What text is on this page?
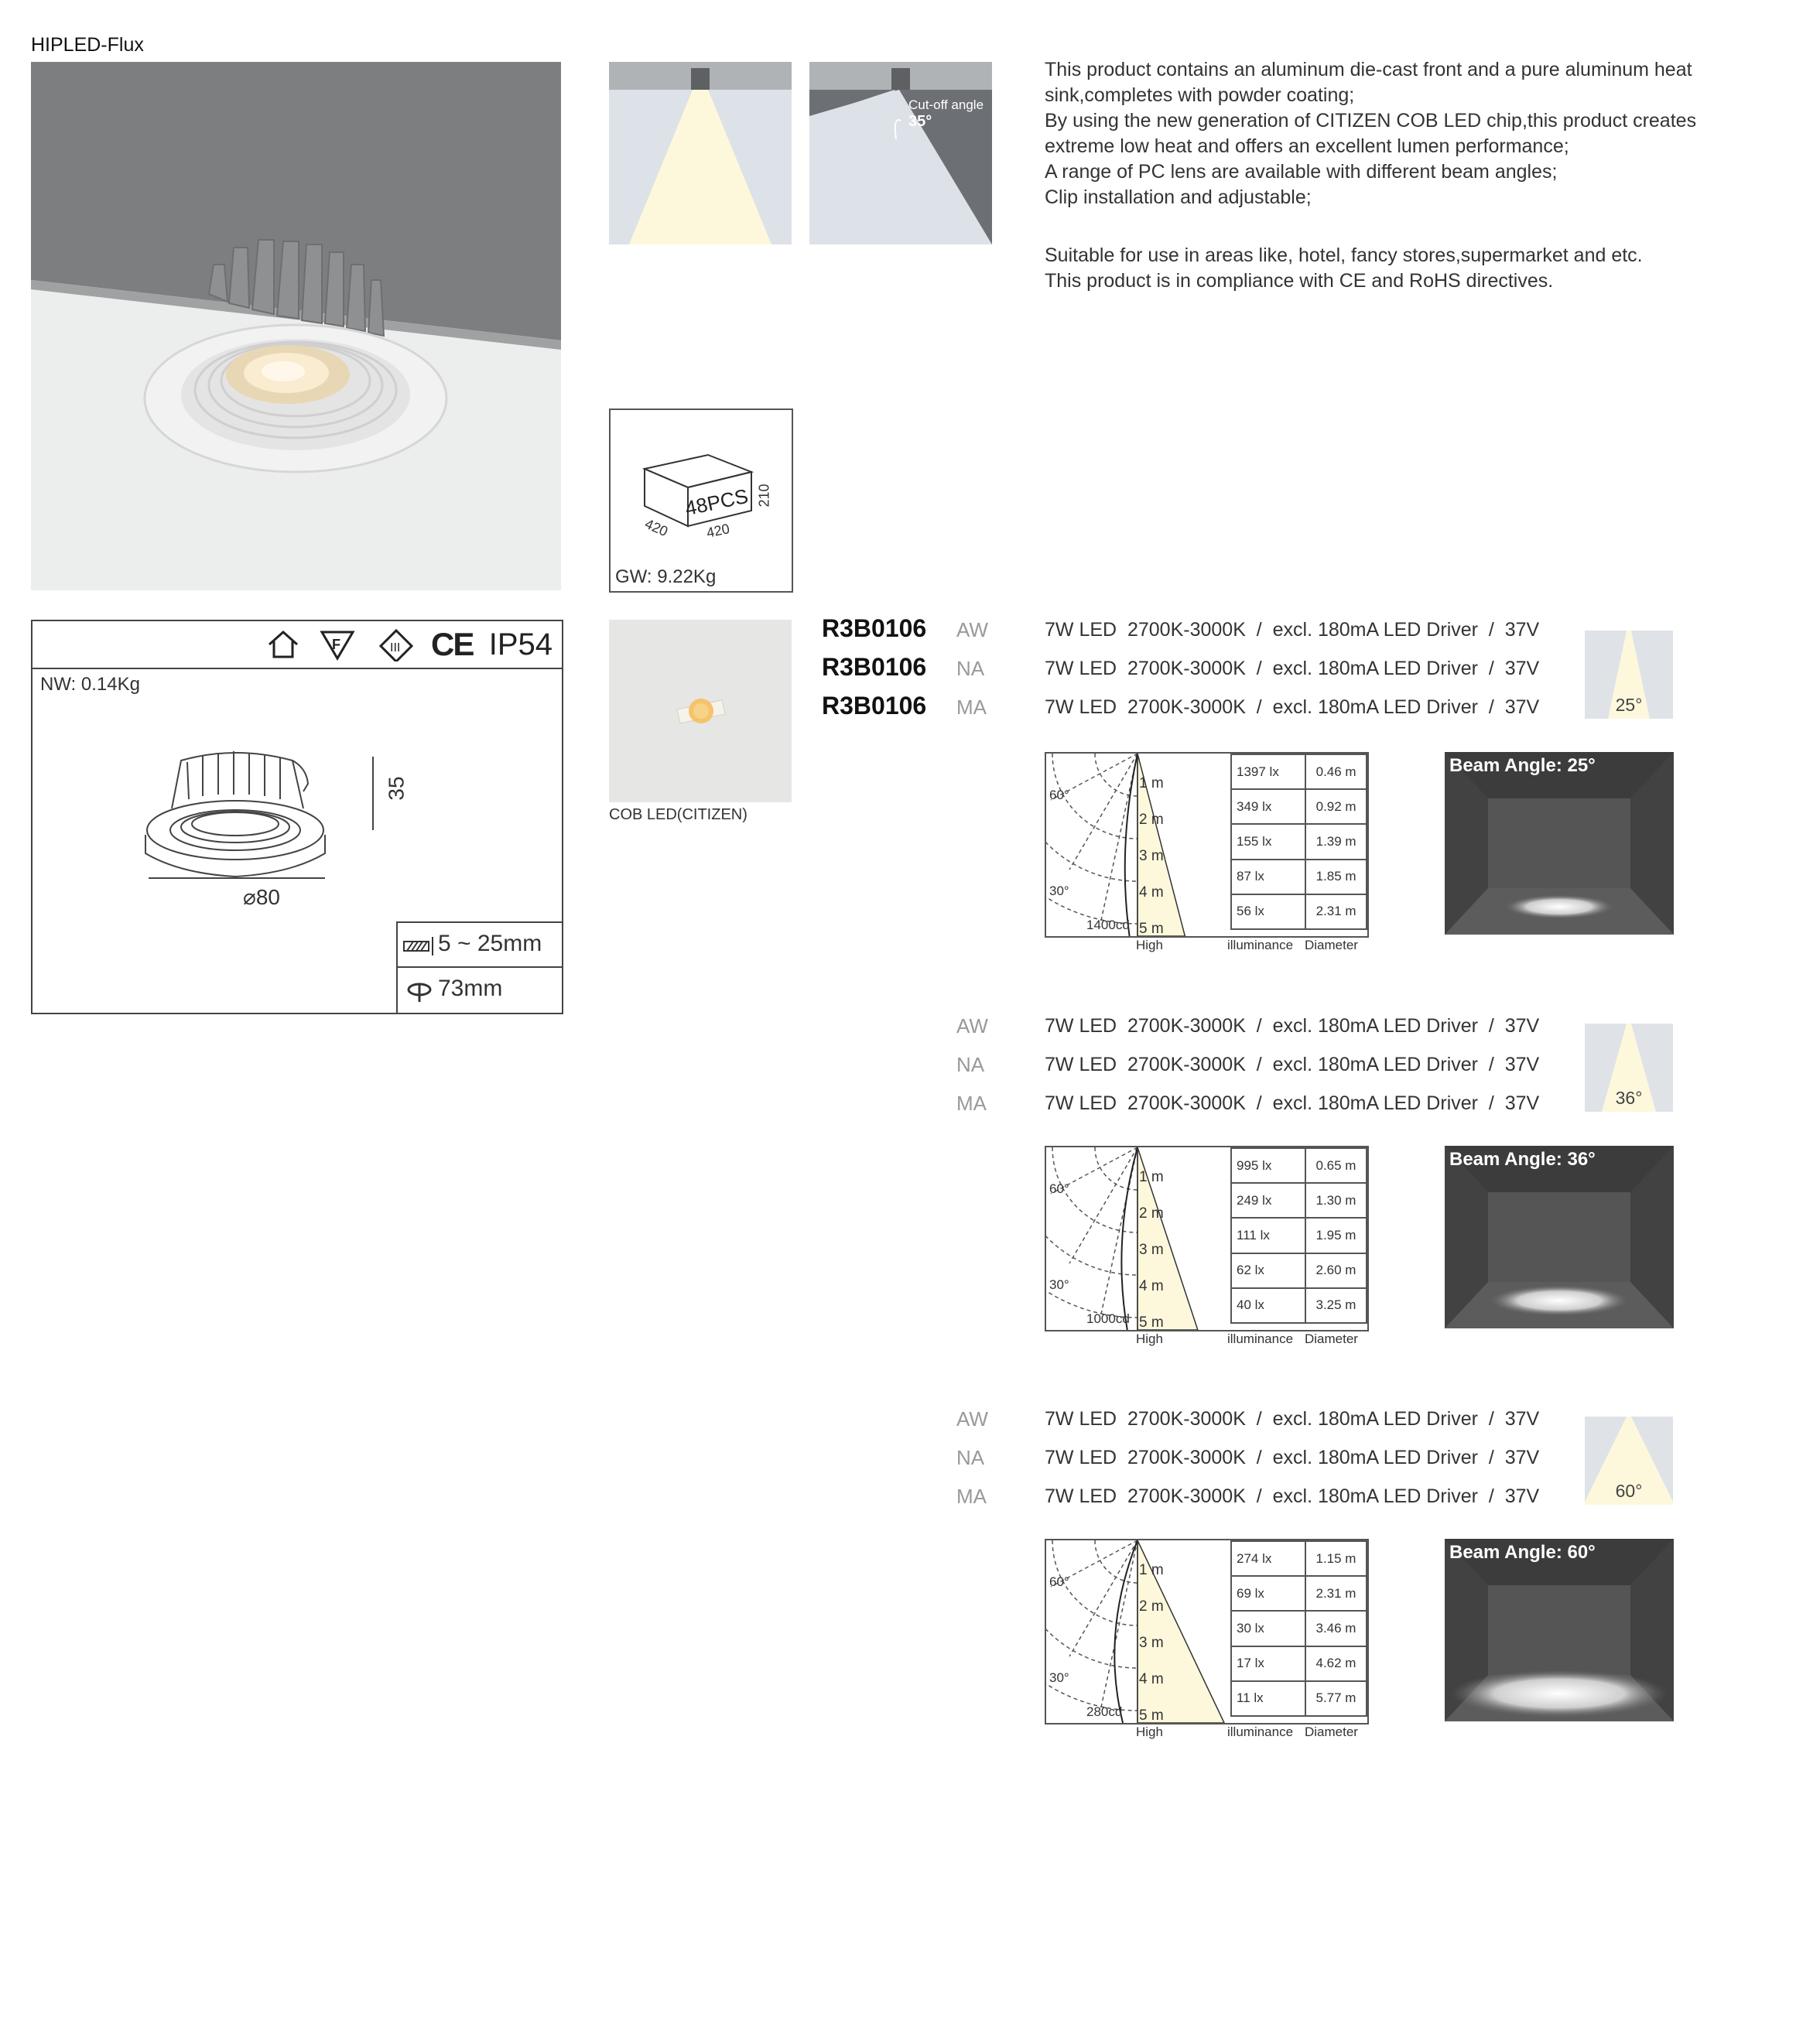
HIPLED-Flux
Cut-off angle
35°

This product contains an aluminum die-cast front and a pure aluminum heat sink,completes with powder coating;

By using the new generation of CITIZEN COB LED chip,this product creates extreme low heat and offers an excellent lumen performance;

A range of PC lens are available with different beam angles;

Clip installation and adjustable;

Suitable for use in areas like, hotel, fancy stores,supermarket and etc.

This product is in compliance with CE and RoHS directives.

48PCS
420	420
210
GW: 9.22Kg
F	III CE IP54
NW: 0.14Kg
35
⌀80
5 ~ 25mm
73mm
COB LED(CITIZEN)
R3B0106 AW	7W LED  2700K-3000K  /  excl. 180mA LED Driver  /  37V
R3B0106 NA	7W LED  2700K-3000K  /  excl. 180mA LED Driver  /  37V
R3B0106 MA	7W LED  2700K-3000K  /  excl. 180mA LED Driver  /  37V	25°
AW	7W LED  2700K-3000K  /  excl. 180mA LED Driver  /  37V
NA	7W LED  2700K-3000K  /  excl. 180mA LED Driver  /  37V
MA	7W LED  2700K-3000K  /  excl. 180mA LED Driver  /  37V	36°
AW	7W LED  2700K-3000K  /  excl. 180mA LED Driver  /  37V
NA	7W LED  2700K-3000K  /  excl. 180mA LED Driver  /  37V
MA	7W LED  2700K-3000K  /  excl. 180mA LED Driver  /  37V	60°
1 m
2 m
3 m
4 m
5 m
60°
30°
1400cd
1397 lx	0.46 m
349 lx	0.92 m
155 lx	1.39 m
87 lx	1.85 m
56 lx	2.31 m
High	illuminance Diameter
Beam Angle: 25°
1 m
2 m
3 m
4 m
5 m
60°
30°
1000cd
995 lx	0.65 m
249 lx	1.30 m
111 lx	1.95 m
62 lx	2.60 m
40 lx	3.25 m
High	illuminance Diameter
Beam Angle: 36°
1 m
2 m
3 m
4 m
5 m
60°
30°
280cd
274 lx	1.15 m
69 lx	2.31 m
30 lx	3.46 m
17 lx	4.62 m
11 lx	5.77 m
High	illuminance Diameter
Beam Angle: 60°
